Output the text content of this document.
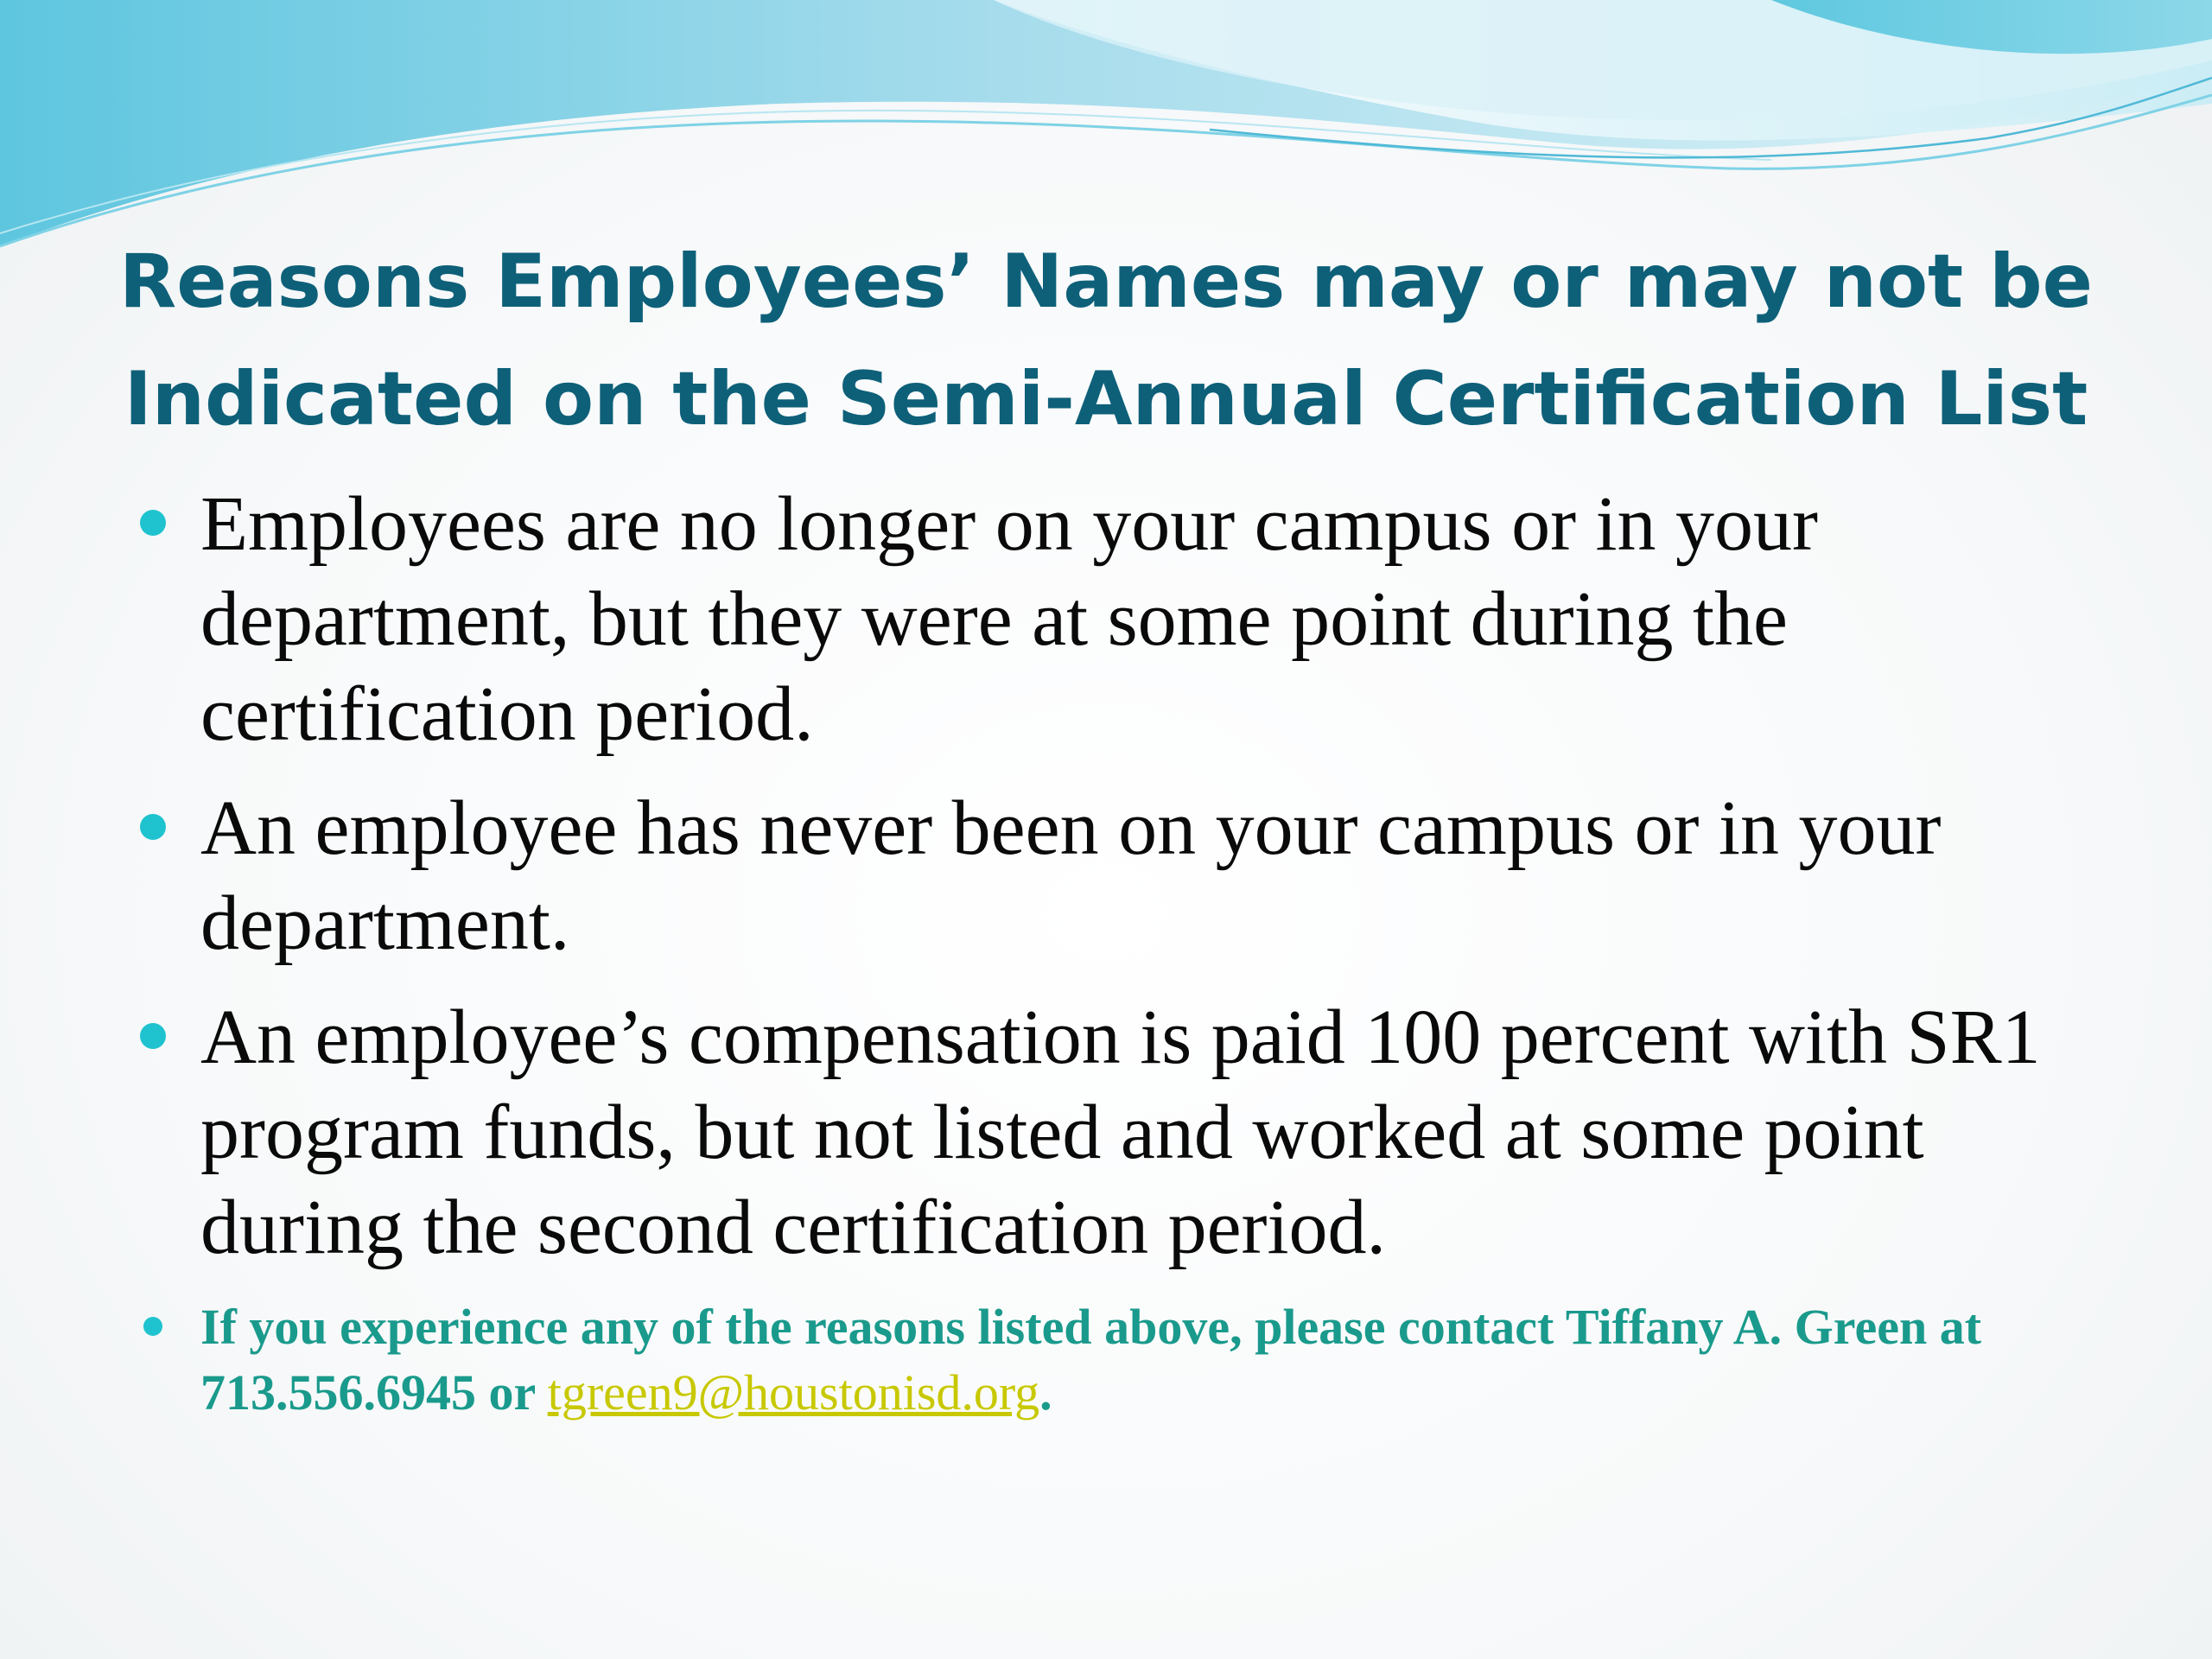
Reasons Employees’ Names may or may not be
Indicated on the Semi-Annual Certification List
Employees are no longer on your campus or in your department, but they were at some point during the certification period.
An employee has never been on your campus or in your department.
An employee’s compensation is paid 100 percent with SR1 program funds, but not listed and worked at some point during the second certification period.
If you experience any of the reasons listed above, please contact Tiffany A. Green at 713.556.6945 or tgreen9@houstonisd.org.
